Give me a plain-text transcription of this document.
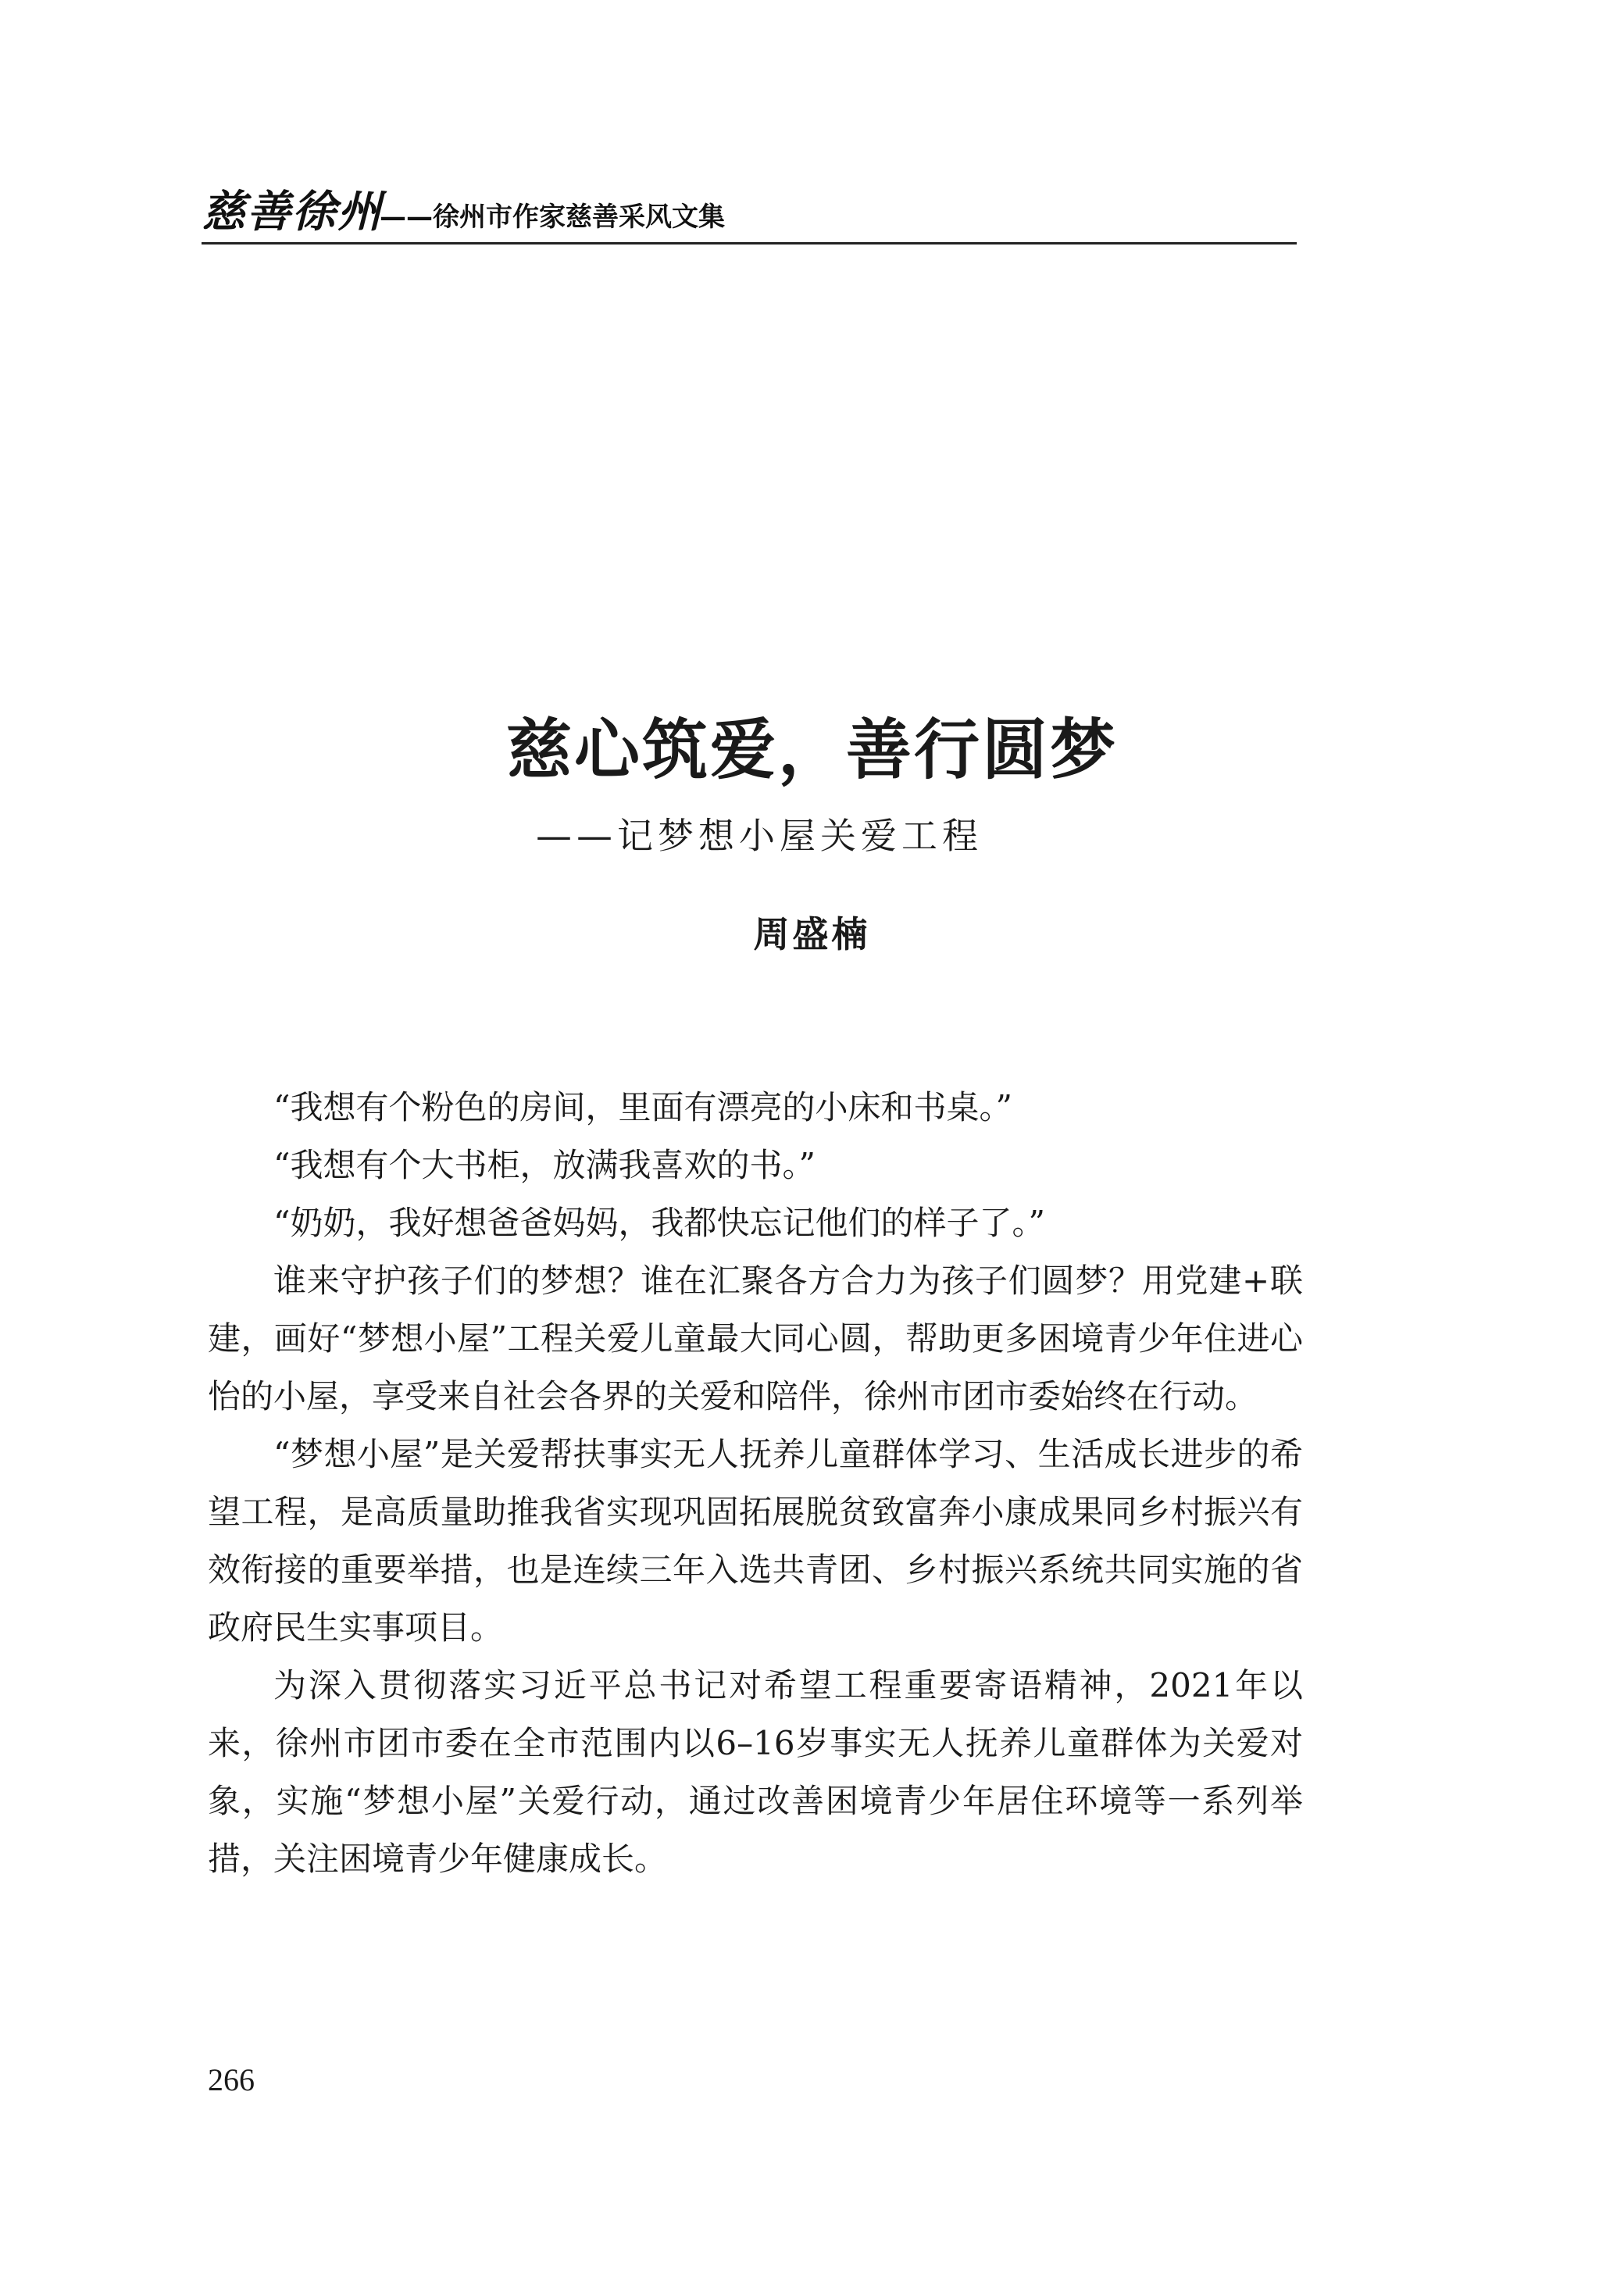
慈善徐州
——徐州市作家慈善采风文集
慈心筑爱，善行圆梦
——记梦想小屋关爱工程
周盛楠

“我想有个粉色的房间，里面有漂亮的小床和书桌。”

“我想有个大书柜，放满我喜欢的书。”

“奶奶，我好想爸爸妈妈，我都快忘记他们的样子了。”

谁来守护孩子们的梦想？谁在汇聚各方合力为孩子们圆梦？用党建+联建，画好“梦想小屋”工程关爱儿童最大同心圆，帮助更多困境青少年住进心怡的小屋，享受来自社会各界的关爱和陪伴，徐州市团市委始终在行动。

“梦想小屋”是关爱帮扶事实无人抚养儿童群体学习、生活成长进步的希望工程，是高质量助推我省实现巩固拓展脱贫致富奔小康成果同乡村振兴有效衔接的重要举措，也是连续三年入选共青团、乡村振兴系统共同实施的省政府民生实事项目。

为深入贯彻落实习近平总书记对希望工程重要寄语精神，2021年以来，徐州市团市委在全市范围内以6–16岁事实无人抚养儿童群体为关爱对象，实施“梦想小屋”关爱行动，通过改善困境青少年居住环境等一系列举措，关注困境青少年健康成长。

266
